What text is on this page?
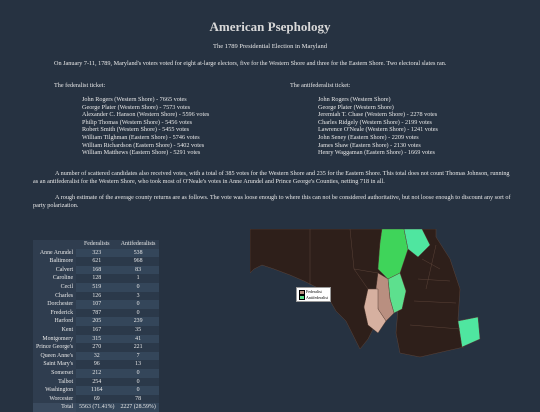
American Psephology
The 1789 Presidential Election in Maryland
On January 7-11, 1789, Maryland's voters voted for eight at-large electors, five for the Western Shore and three for the Eastern Shore. Two electoral slates ran.
The federalist ticket:
John Rogers (Western Shore) - 7665 votes
George Plater (Western Shore) - 7573 votes
Alexander C. Hanson (Western Shore) - 5596 votes
Philip Thomas (Western Shore) - 5456 votes
Robert Smith (Western Shore) - 5455 votes
William Tilghman (Eastern Shore) - 5746 votes
William Richardson (Eastern Shore) - 5402 votes
William Matthews (Eastern Shore) - 5291 votes
The antifederalist ticket:
John Rogers (Western Shore)
George Plater (Western Shore)
Jeremiah T. Chase (Western Shore) - 2278 votes
Charles Ridgely (Western Shore) - 2199 votes
Lawrence O'Neale (Western Shore) - 1241 votes
John Seney (Eastern Shore) - 2209 votes
James Shaw (Eastern Shore) - 2130 votes
Henry Waggaman (Eastern Shore) - 1669 votes
A number of scattered candidates also received votes, with a total of 385 votes for the Western Shore and 235 for the Eastern Shore. This total does not count Thomas Johnson, running as an antifederalist for the Western Shore, who took most of O'Neale's votes in Anne Arundel and Prince George's Counties, netting 718 in all.
A rough estimate of the average county returns are as follows. The vote was loose enough to where this can not be considered authoritative, but not loose enough to discount any sort of party polarization.
	Federalists	Antifederalists
Anne Arundel	323	538
Baltimore	621	968
Calvert	168	83
Caroline	128	1
Cecil	519	0
Charles	126	3
Dorchester	107	0
Frederick	787	0
Harford	205	239
Kent	167	35
Montgomery	315	41
Prince George's	270	221
Queen Anne's	32	7
Saint Mary's	96	13
Somerset	212	0
Talbot	254	0
Washington	1164	0
Worcester	69	78
Total	5563 (71.41%)	2227 (28.59%)
Federalist
Antifederalist
